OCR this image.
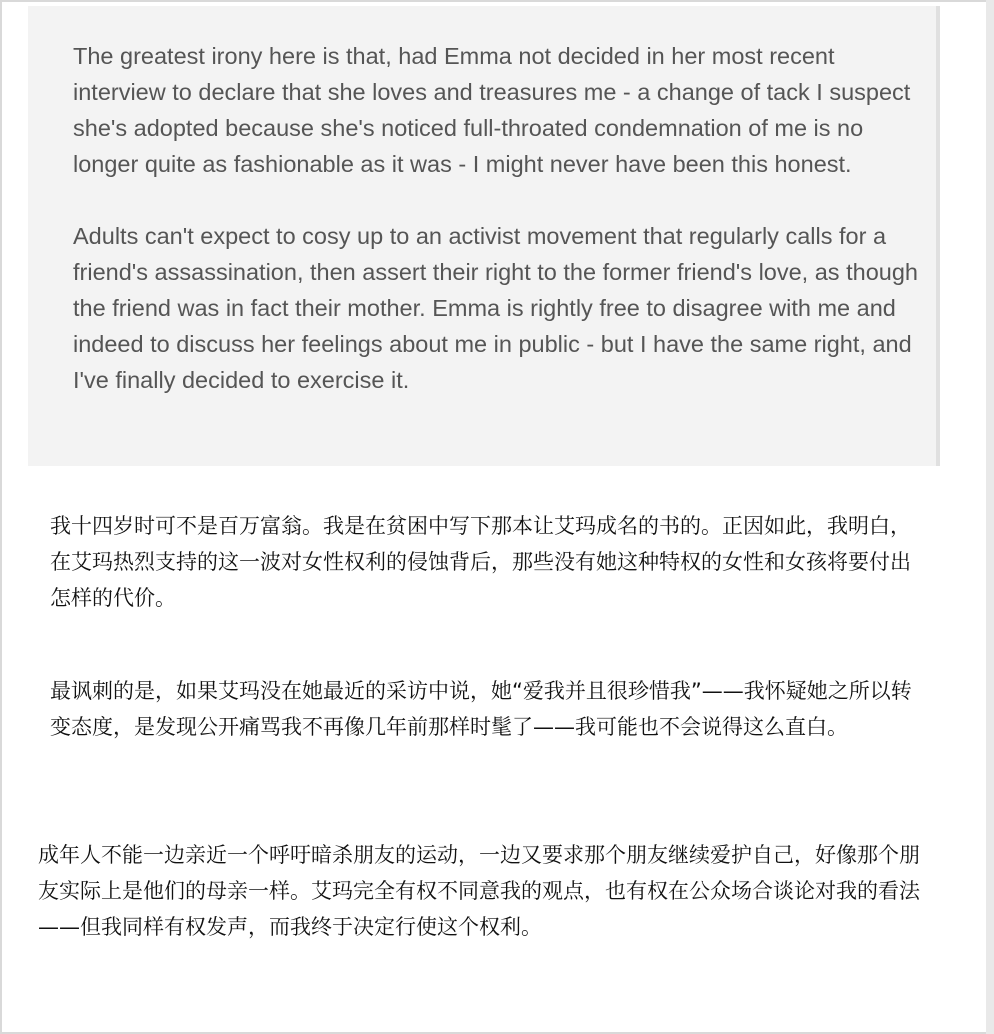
The greatest irony here is that, had Emma not decided in her most recent interview to declare that she loves and treasures me - a change of tack I suspect she's adopted because she's noticed full-throated condemnation of me is no longer quite as fashionable as it was - I might never have been this honest.

Adults can't expect to cosy up to an activist movement that regularly calls for a friend's assassination, then assert their right to the former friend's love, as though the friend was in fact their mother. Emma is rightly free to disagree with me and indeed to discuss her feelings about me in public - but I have the same right, and I've finally decided to exercise it.

我十四岁时可不是百万富翁。我是在贫困中写下那本让艾玛成名的书的。正因如此，我明白，在艾玛热烈支持的这一波对女性权利的侵蚀背后，那些没有她这种特权的女性和女孩将要付出怎样的代价。

最讽刺的是，如果艾玛没在她最近的采访中说，她“爱我并且很珍惜我”——我怀疑她之所以转变态度，是发现公开痛骂我不再像几年前那样时髦了——我可能也不会说得这么直白。

成年人不能一边亲近一个呼吁暗杀朋友的运动，一边又要求那个朋友继续爱护自己，好像那个朋友实际上是他们的母亲一样。艾玛完全有权不同意我的观点，也有权在公众场合谈论对我的看法——但我同样有权发声，而我终于决定行使这个权利。
